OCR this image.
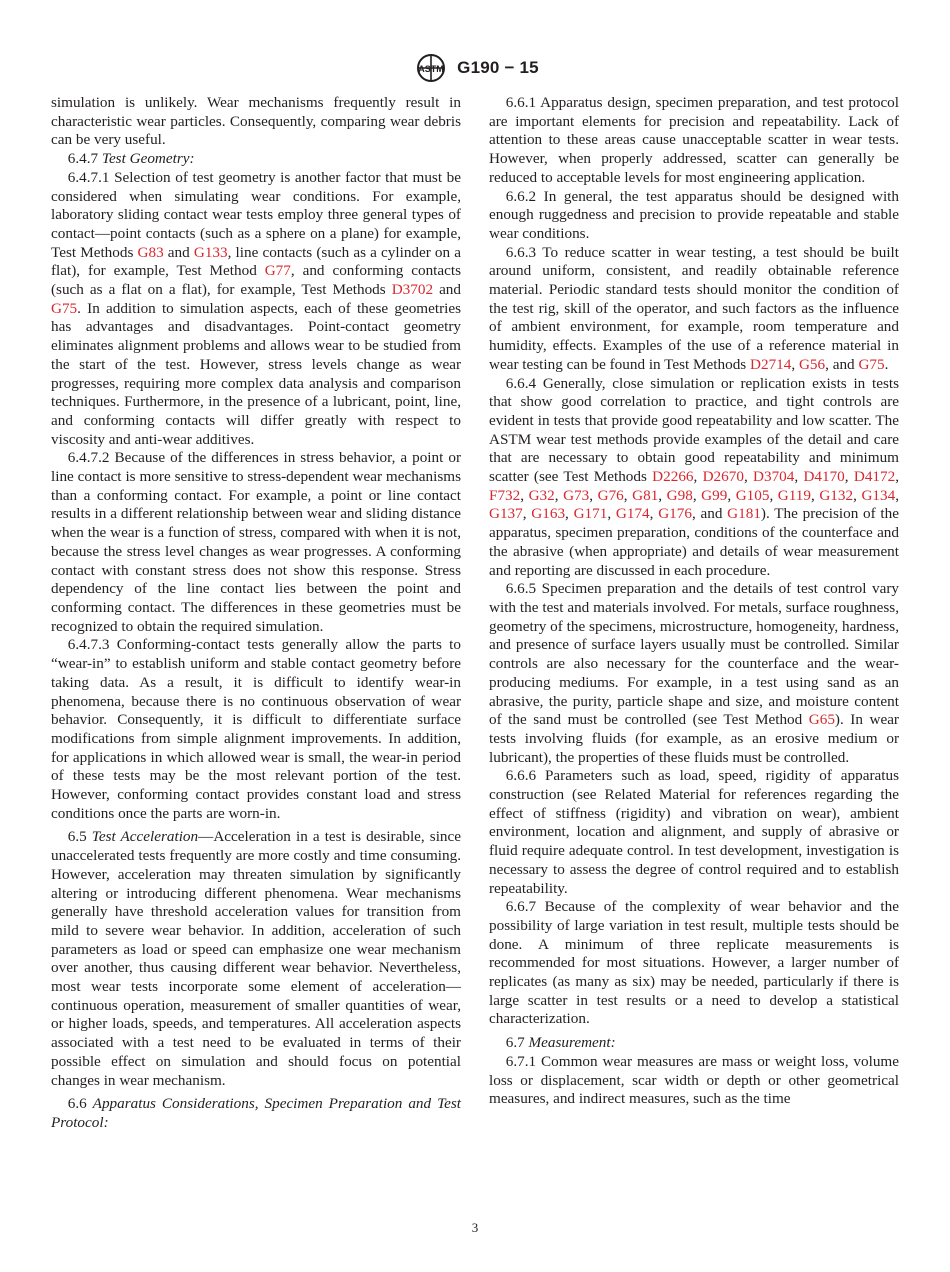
ASTM G190 − 15

simulation is unlikely. Wear mechanisms frequently result in characteristic wear particles. Consequently, comparing wear debris can be very useful.

6.4.7 Test Geometry:

6.4.7.1 Selection of test geometry is another factor that must be considered when simulating wear conditions. For example, laboratory sliding contact wear tests employ three general types of contact—point contacts (such as a sphere on a plane) for example, Test Methods G83 and G133, line contacts (such as a cylinder on a flat), for example, Test Method G77, and conforming contacts (such as a flat on a flat), for example, Test Methods D3702 and G75. In addition to simulation aspects, each of these geometries has advantages and disadvantages. Point-contact geometry eliminates alignment problems and allows wear to be studied from the start of the test. However, stress levels change as wear progresses, requiring more complex data analysis and comparison techniques. Furthermore, in the presence of a lubricant, point, line, and conforming contacts will differ greatly with respect to viscosity and anti-wear additives.

6.4.7.2 Because of the differences in stress behavior, a point or line contact is more sensitive to stress-dependent wear mechanisms than a conforming contact. For example, a point or line contact results in a different relationship between wear and sliding distance when the wear is a function of stress, compared with when it is not, because the stress level changes as wear progresses. A conforming contact with constant stress does not show this response. Stress dependency of the line contact lies between the point and conforming contact. The differences in these geometries must be recognized to obtain the required simulation.

6.4.7.3 Conforming-contact tests generally allow the parts to “wear-in” to establish uniform and stable contact geometry before taking data. As a result, it is difficult to identify wear-in phenomena, because there is no continuous observation of wear behavior. Consequently, it is difficult to differentiate surface modifications from simple alignment improvements. In addition, for applications in which allowed wear is small, the wear-in period of these tests may be the most relevant portion of the test. However, conforming contact provides constant load and stress conditions once the parts are worn-in.

6.5 Test Acceleration—Acceleration in a test is desirable, since unaccelerated tests frequently are more costly and time consuming. However, acceleration may threaten simulation by significantly altering or introducing different phenomena. Wear mechanisms generally have threshold acceleration values for transition from mild to severe wear behavior. In addition, acceleration of such parameters as load or speed can emphasize one wear mechanism over another, thus causing different wear behavior. Nevertheless, most wear tests incorporate some element of acceleration—continuous operation, measurement of smaller quantities of wear, or higher loads, speeds, and temperatures. All acceleration aspects associated with a test need to be evaluated in terms of their possible effect on simulation and should focus on potential changes in wear mechanism.

6.6 Apparatus Considerations, Specimen Preparation and Test Protocol:

6.6.1 Apparatus design, specimen preparation, and test protocol are important elements for precision and repeatability. Lack of attention to these areas cause unacceptable scatter in wear tests. However, when properly addressed, scatter can generally be reduced to acceptable levels for most engineering application.

6.6.2 In general, the test apparatus should be designed with enough ruggedness and precision to provide repeatable and stable wear conditions.

6.6.3 To reduce scatter in wear testing, a test should be built around uniform, consistent, and readily obtainable reference material. Periodic standard tests should monitor the condition of the test rig, skill of the operator, and such factors as the influence of ambient environment, for example, room temperature and humidity, effects. Examples of the use of a reference material in wear testing can be found in Test Methods D2714, G56, and G75.

6.6.4 Generally, close simulation or replication exists in tests that show good correlation to practice, and tight controls are evident in tests that provide good repeatability and low scatter. The ASTM wear test methods provide examples of the detail and care that are necessary to obtain good repeatability and minimum scatter (see Test Methods D2266, D2670, D3704, D4170, D4172, F732, G32, G73, G76, G81, G98, G99, G105, G119, G132, G134, G137, G163, G171, G174, G176, and G181). The precision of the apparatus, specimen preparation, conditions of the counterface and the abrasive (when appropriate) and details of wear measurement and reporting are discussed in each procedure.

6.6.5 Specimen preparation and the details of test control vary with the test and materials involved. For metals, surface roughness, geometry of the specimens, microstructure, homogeneity, hardness, and presence of surface layers usually must be controlled. Similar controls are also necessary for the counterface and the wear-producing mediums. For example, in a test using sand as an abrasive, the purity, particle shape and size, and moisture content of the sand must be controlled (see Test Method G65). In wear tests involving fluids (for example, as an erosive medium or lubricant), the properties of these fluids must be controlled.

6.6.6 Parameters such as load, speed, rigidity of apparatus construction (see Related Material for references regarding the effect of stiffness (rigidity) and vibration on wear), ambient environment, location and alignment, and supply of abrasive or fluid require adequate control. In test development, investigation is necessary to assess the degree of control required and to establish repeatability.

6.6.7 Because of the complexity of wear behavior and the possibility of large variation in test result, multiple tests should be done. A minimum of three replicate measurements is recommended for most situations. However, a larger number of replicates (as many as six) may be needed, particularly if there is large scatter in test results or a need to develop a statistical characterization.

6.7 Measurement:

6.7.1 Common wear measures are mass or weight loss, volume loss or displacement, scar width or depth or other geometrical measures, and indirect measures, such as the time

3
